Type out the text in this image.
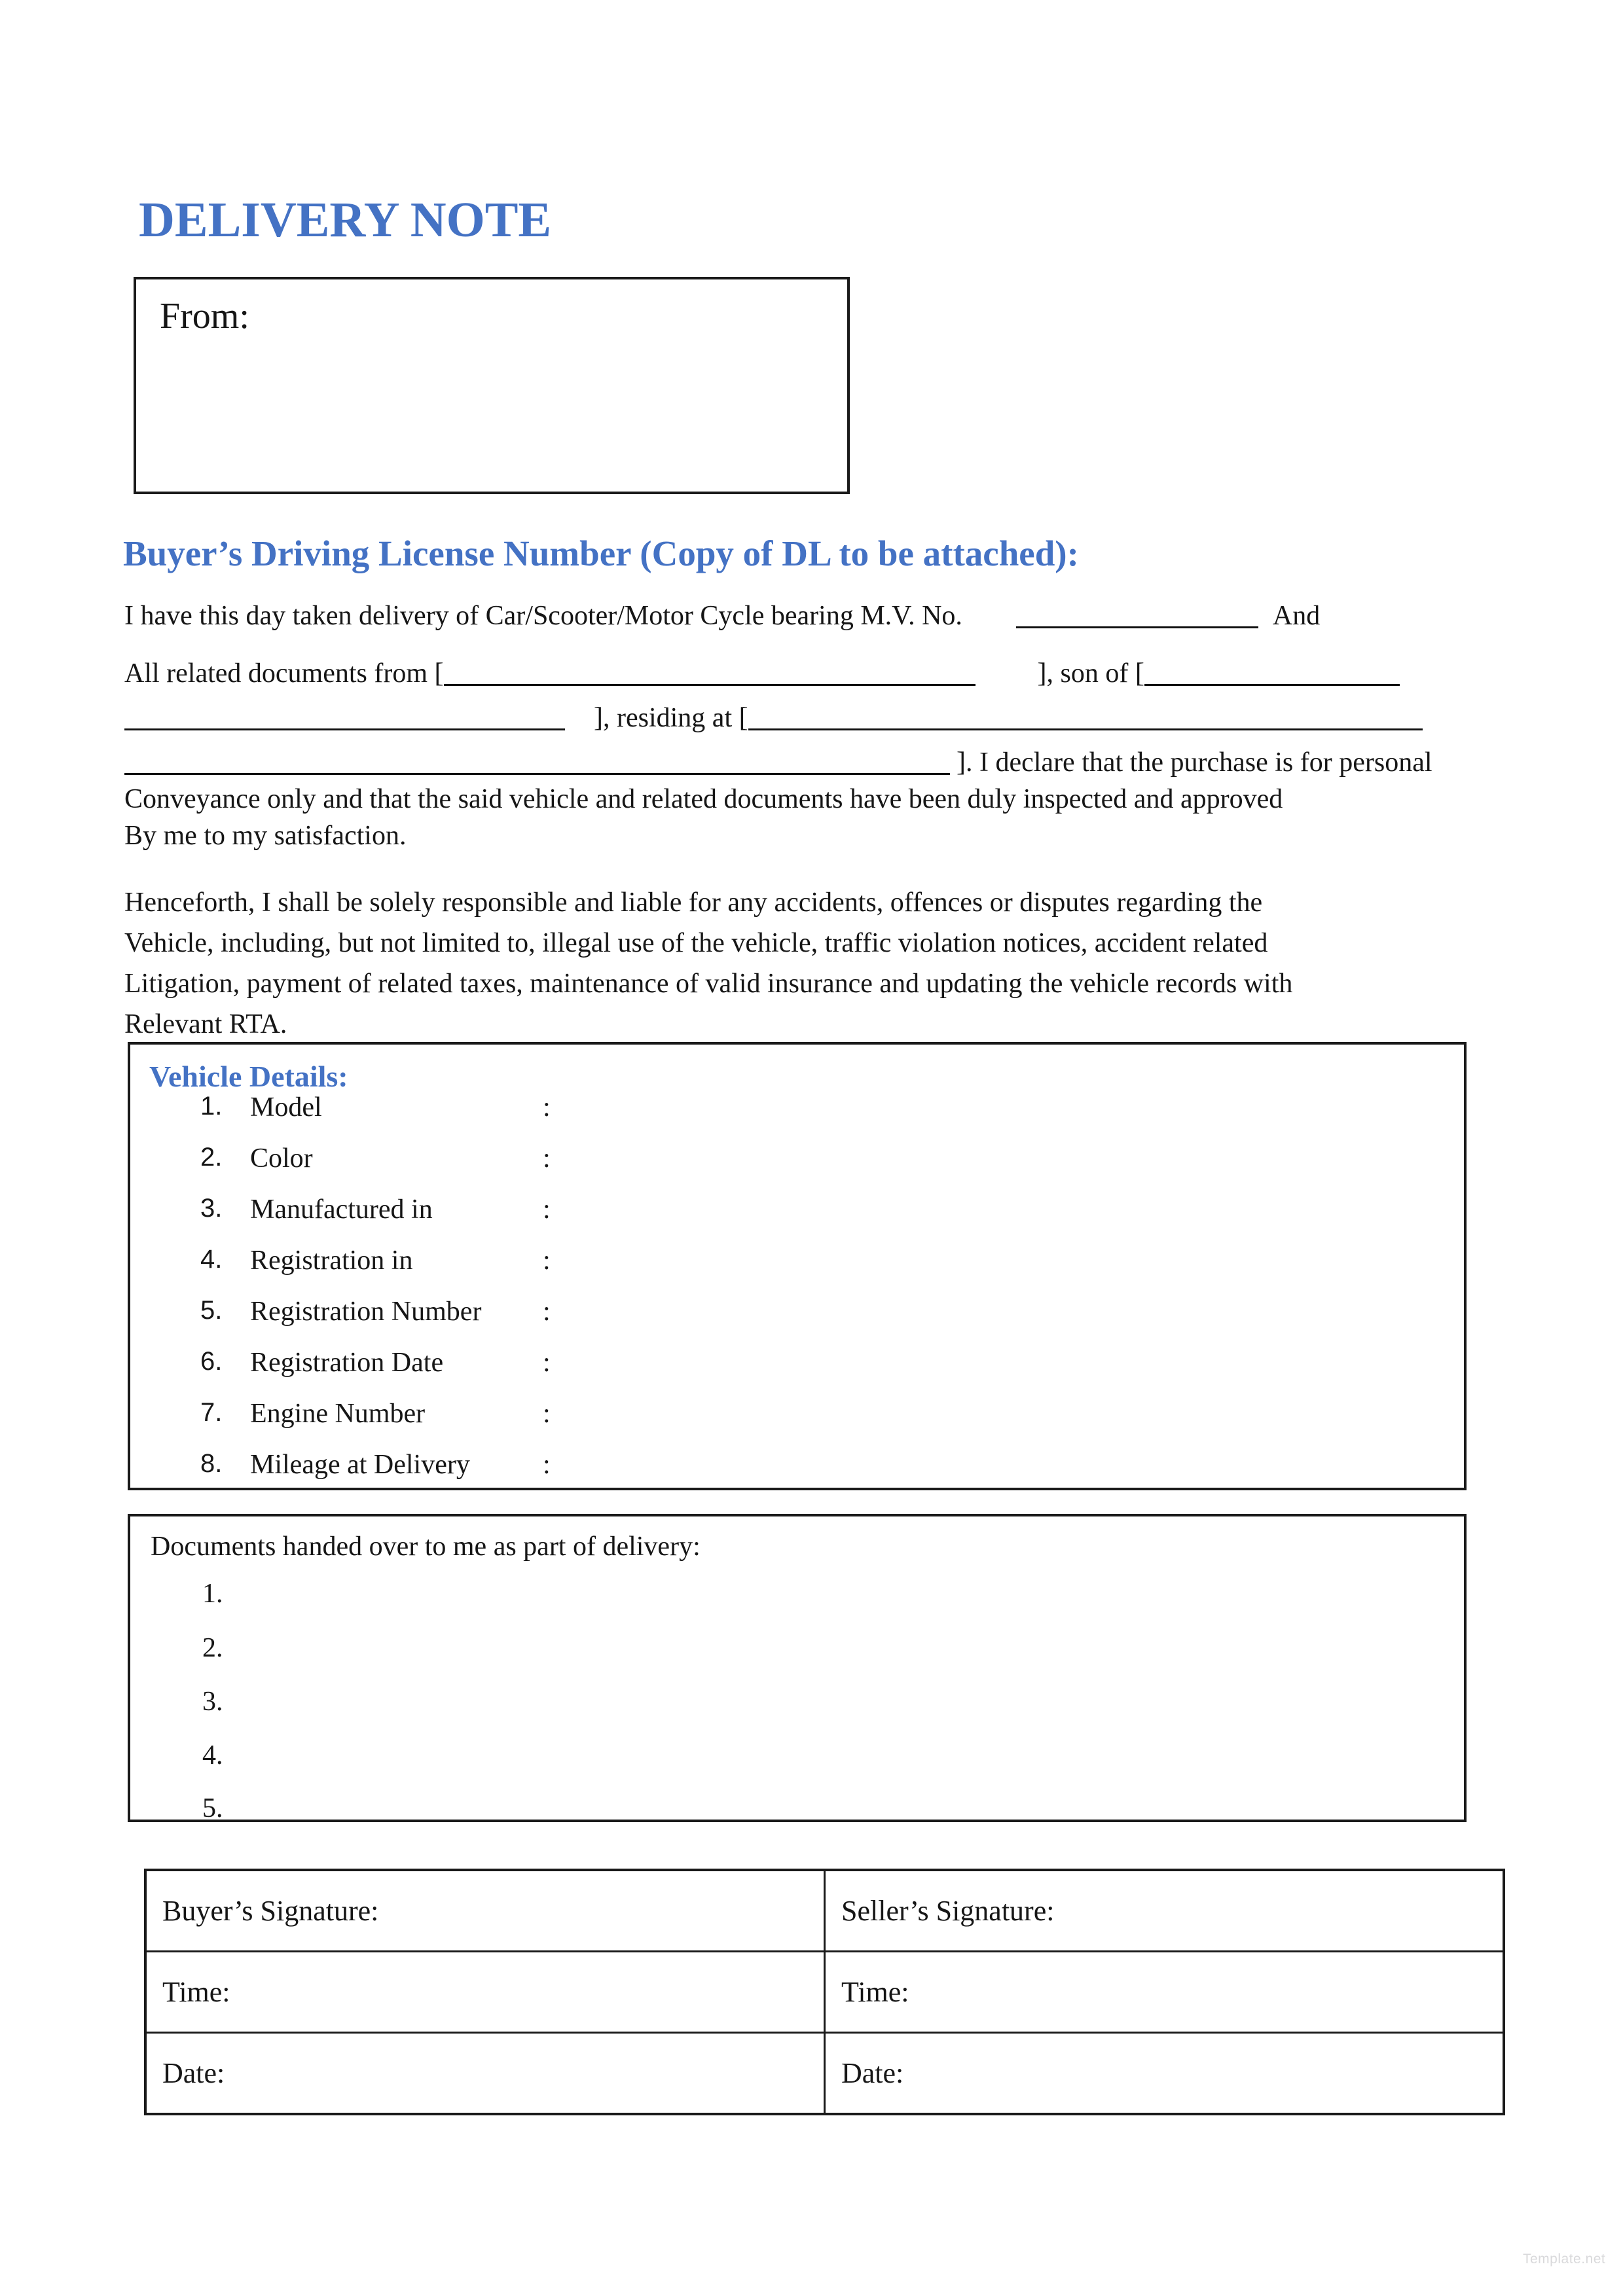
DELIVERY NOTE
From:
Buyer’s Driving License Number (Copy of DL to be attached):
I have this day taken delivery of Car/Scooter/Motor Cycle bearing M.V. No.	And
All related documents from [	], son of [
], residing at [
]. I declare that the purchase is for personal
Conveyance only and that the said vehicle and related documents have been duly inspected and approved
By me to my satisfaction.
Henceforth, I shall be solely responsible and liable for any accidents, offences or disputes regarding the
Vehicle, including, but not limited to, illegal use of the vehicle, traffic violation notices, accident related
Litigation, payment of related taxes, maintenance of valid insurance and updating the vehicle records with
Relevant RTA.
Vehicle Details:
1. Model	:
2. Color	:
3. Manufactured in	:
4. Registration in	:
5. Registration Number :
6. Registration Date	:
7. Engine Number	:
8. Mileage at Delivery	:
Documents handed over to me as part of delivery:
1.
2.
3.
4.
5.
Buyer’s Signature:	Seller’s Signature:
Time:	Time:
Date:	Date:
Template.net
